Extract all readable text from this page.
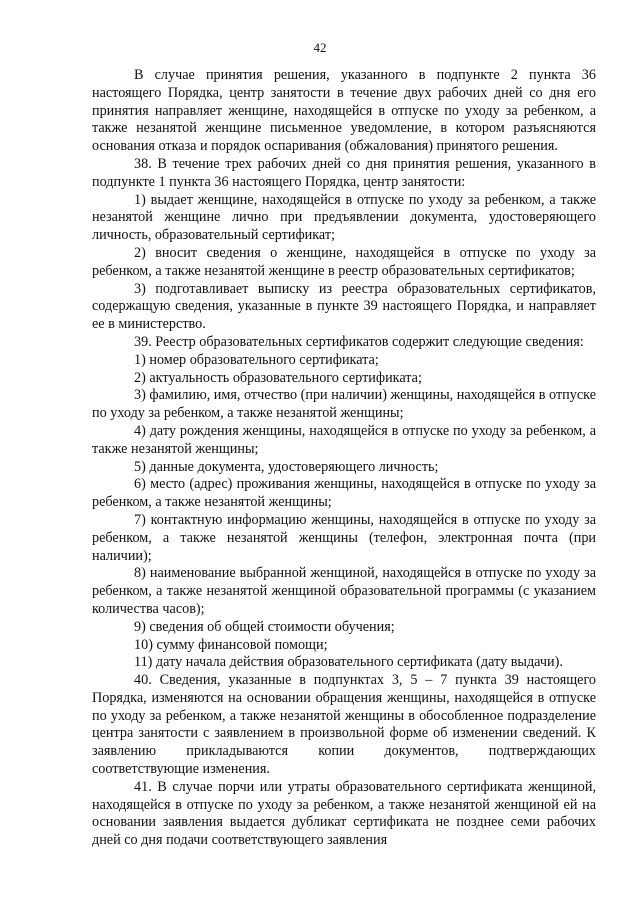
42

В случае принятия решения, указанного в подпункте 2 пункта 36 настоящего Порядка, центр занятости в течение двух рабочих дней со дня его принятия направляет женщине, находящейся в отпуске по уходу за ребенком, а также незанятой женщине письменное уведомление, в котором разъясняются основания отказа и порядок оспаривания (обжалования) принятого решения.

38. В течение трех рабочих дней со дня принятия решения, указанного в подпункте 1 пункта 36 настоящего Порядка, центр занятости:

1) выдает женщине, находящейся в отпуске по уходу за ребенком, а также незанятой женщине лично при предъявлении документа, удостоверяющего личность, образовательный сертификат;

2) вносит сведения о женщине, находящейся в отпуске по уходу за ребенком, а также незанятой женщине в реестр образовательных сертификатов;

3) подготавливает выписку из реестра образовательных сертификатов, содержащую сведения, указанные в пункте 39 настоящего Порядка, и направляет ее в министерство.

39. Реестр образовательных сертификатов содержит следующие сведения:

1) номер образовательного сертификата;

2) актуальность образовательного сертификата;

3) фамилию, имя, отчество (при наличии) женщины, находящейся в отпуске по уходу за ребенком, а также незанятой женщины;

4) дату рождения женщины, находящейся в отпуске по уходу за ребенком, а также незанятой женщины;

5) данные документа, удостоверяющего личность;

6) место (адрес) проживания женщины, находящейся в отпуске по уходу за ребенком, а также незанятой женщины;

7) контактную информацию женщины, находящейся в отпуске по уходу за ребенком, а также незанятой женщины (телефон, электронная почта (при наличии);

8) наименование выбранной женщиной, находящейся в отпуске по уходу за ребенком, а также незанятой женщиной образовательной программы (с указанием количества часов);

9) сведения об общей стоимости обучения;

10) сумму финансовой помощи;

11) дату начала действия образовательного сертификата (дату выдачи).

40. Сведения, указанные в подпунктах 3, 5 – 7 пункта 39 настоящего Порядка, изменяются на основании обращения женщины, находящейся в отпуске по уходу за ребенком, а также незанятой женщины в обособленное подразделение центра занятости с заявлением в произвольной форме об изменении сведений. К заявлению прикладываются копии документов, подтверждающих соответствующие изменения.

41. В случае порчи или утраты образовательного сертификата женщиной, находящейся в отпуске по уходу за ребенком, а также незанятой женщиной ей на основании заявления выдается дубликат сертификата не позднее семи рабочих дней со дня подачи соответствующего заявления
